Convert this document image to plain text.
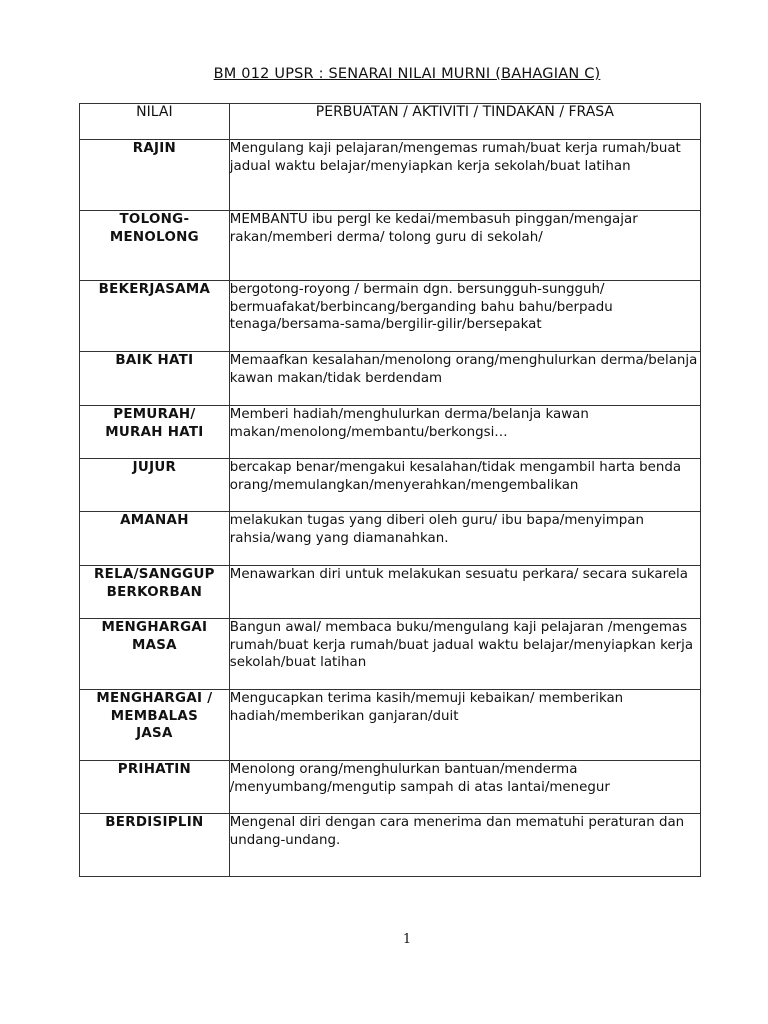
BM 012 UPSR : SENARAI NILAI MURNI (BAHAGIAN C)
NILAI	PERBUATAN / AKTIVITI / TINDAKAN / FRASA

RAJIN	Mengulang kaji pelajaran/mengemas rumah/buat kerja rumah/buat jadual waktu belajar/menyiapkan kerja sekolah/buat latihan

TOLONG-
MENOLONG	MEMBANTU ibu pergl ke kedai/membasuh pinggan/mengajar rakan/memberi derma/ tolong guru di sekolah/

BEKERJASAMA	bergotong-royong / bermain dgn. bersungguh-sungguh/ bermuafakat/berbincang/berganding bahu bahu/berpadu tenaga/bersama-sama/bergilir-gilir/bersepakat

BAIK HATI	Memaafkan kesalahan/menolong orang/menghulurkan derma/belanja kawan makan/tidak berdendam

PEMURAH/
MURAH HATI	Memberi hadiah/menghulurkan derma/belanja kawan makan/menolong/membantu/berkongsi…

JUJUR	bercakap benar/mengakui kesalahan/tidak mengambil harta benda orang/memulangkan/menyerahkan/mengembalikan

AMANAH	melakukan tugas yang diberi oleh guru/ ibu bapa/menyimpan rahsia/wang yang diamanahkan.

RELA/SANGGUP
BERKORBAN	Menawarkan diri untuk melakukan sesuatu perkara/ secara sukarela

MENGHARGAI
MASA	Bangun awal/ membaca buku/mengulang kaji pelajaran /mengemas rumah/buat kerja rumah/buat jadual waktu belajar/menyiapkan kerja sekolah/buat latihan

MENGHARGAI /
MEMBALAS
JASA	Mengucapkan terima kasih/memuji kebaikan/ memberikan hadiah/memberikan ganjaran/duit

PRIHATIN	Menolong orang/menghulurkan bantuan/menderma /menyumbang/mengutip sampah di atas lantai/menegur

BERDISIPLIN	Mengenal diri dengan cara menerima dan mematuhi peraturan dan undang-undang.
1
